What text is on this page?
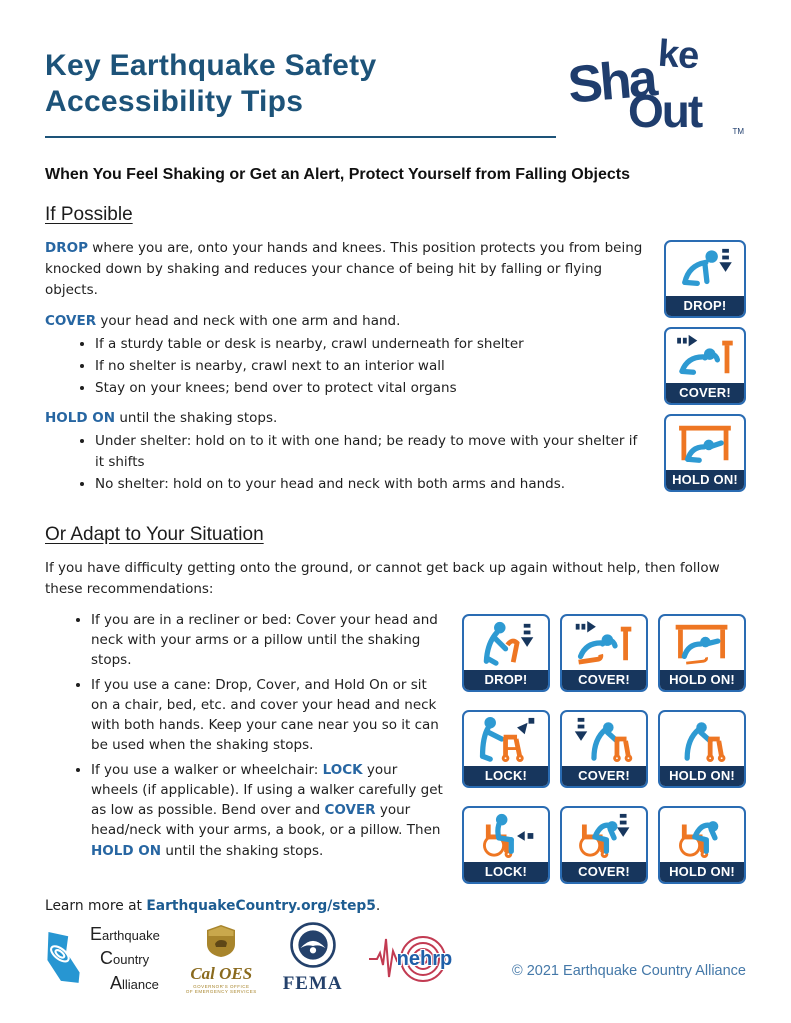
Key Earthquake Safety
Accessibility Tips	Sha ke
Out	TM
When You Feel Shaking or Get an Alert, Protect Yourself from Falling Objects
If Possible

DROP where you are, onto your hands and knees. This position protects you from being knocked down by shaking and reduces your chance of being hit by falling or flying objects.

COVER your head and neck with one arm and hand.

• If a sturdy table or desk is nearby, crawl underneath for shelter
• If no shelter is nearby, crawl next to an interior wall
• Stay on your knees; bend over to protect vital organs

HOLD ON until the shaking stops.

• Under shelter: hold on to it with one hand; be ready to move with your shelter if it shifts
• No shelter: hold on to your head and neck with both arms and hands.
DROP!
COVER!
HOLD ON!
Or Adapt to Your Situation

If you have difficulty getting onto the ground, or cannot get back up again without help, then follow these recommendations:

• If you are in a recliner or bed: Cover your head and neck with your arms or a pillow until the shaking stops.
• If you use a cane: Drop, Cover, and Hold On or sit on a chair, bed, etc. and cover your head and neck with both hands. Keep your cane near you so it can be used when the shaking stops.
• If you use a walker or wheelchair: LOCK your wheels (if applicable). If using a walker carefully get as low as possible. Bend over and COVER your head/neck with your arms, a book, or a pillow. Then HOLD ON until the shaking stops.
DROP!	COVER!	HOLD ON!
LOCK!	COVER!	HOLD ON!
LOCK!	COVER!	HOLD ON!

Learn more at EarthquakeCountry.org/step5.

Earthquake
Country
Alliance
Cal OES
GOVERNOR'S OFFICE
OF EMERGENCY SERVICES FEMA
nehrp
© 2021 Earthquake Country Alliance
